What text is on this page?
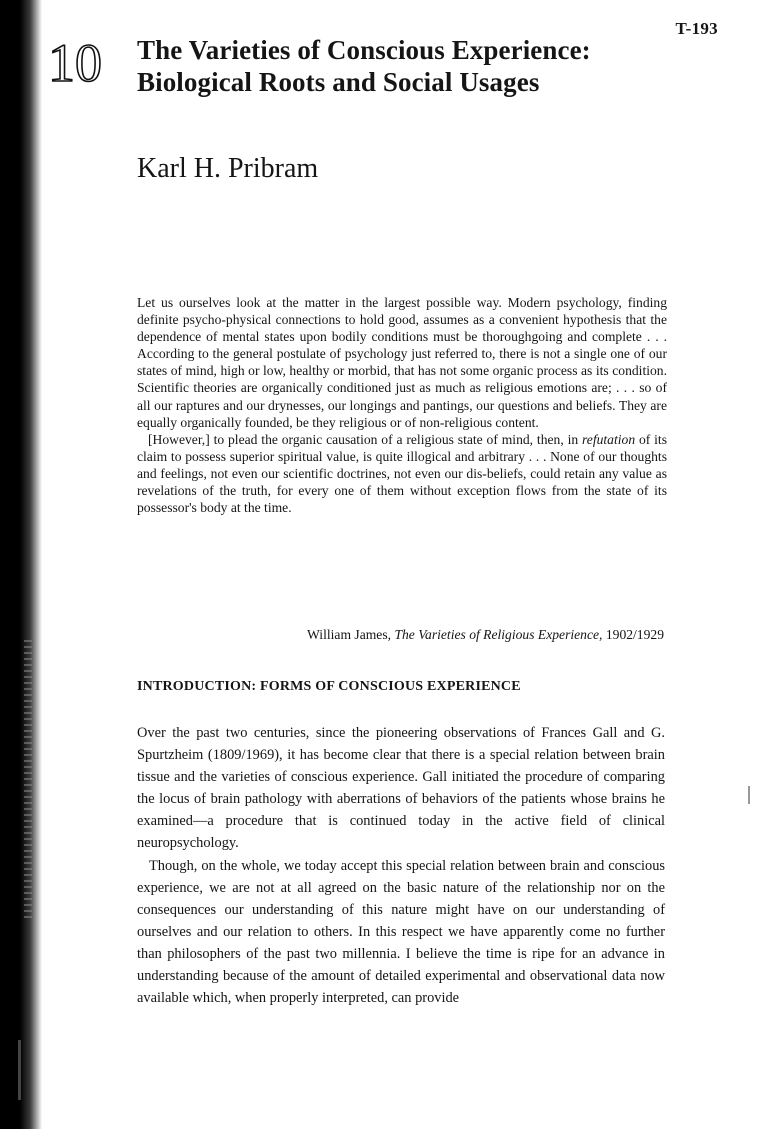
T-193
10 The Varieties of Conscious Experience: Biological Roots and Social Usages
Karl H. Pribram

Let us ourselves look at the matter in the largest possible way. Modern psychology, finding definite psycho-physical connections to hold good, assumes as a convenient hypothesis that the dependence of mental states upon bodily conditions must be thoroughgoing and complete . . . According to the general postulate of psychology just referred to, there is not a single one of our states of mind, high or low, healthy or morbid, that has not some organic process as its condition. Scientific theories are organically conditioned just as much as religious emotions are; . . . so of all our raptures and our drynesses, our longings and pantings, our questions and beliefs. They are equally organically founded, be they religious or of non-religious content.

[However,] to plead the organic causation of a religious state of mind, then, in refutation of its claim to possess superior spiritual value, is quite illogical and arbitrary . . . None of our thoughts and feelings, not even our scientific doctrines, not even our dis-beliefs, could retain any value as revelations of the truth, for every one of them without exception flows from the state of its possessor's body at the time.

William James, The Varieties of Religious Experience, 1902/1929
INTRODUCTION: FORMS OF CONSCIOUS EXPERIENCE

Over the past two centuries, since the pioneering observations of Frances Gall and G. Spurtzheim (1809/1969), it has become clear that there is a special relation between brain tissue and the varieties of conscious experience. Gall initiated the procedure of comparing the locus of brain pathology with aberrations of behaviors of the patients whose brains he examined—a procedure that is continued today in the active field of clinical neuropsychology.

Though, on the whole, we today accept this special relation between brain and conscious experience, we are not at all agreed on the basic nature of the relationship nor on the consequences our understanding of this nature might have on our understanding of ourselves and our relation to others. In this respect we have apparently come no further than philosophers of the past two millennia. I believe the time is ripe for an advance in understanding because of the amount of detailed experimental and observational data now available which, when properly interpreted, can provide
